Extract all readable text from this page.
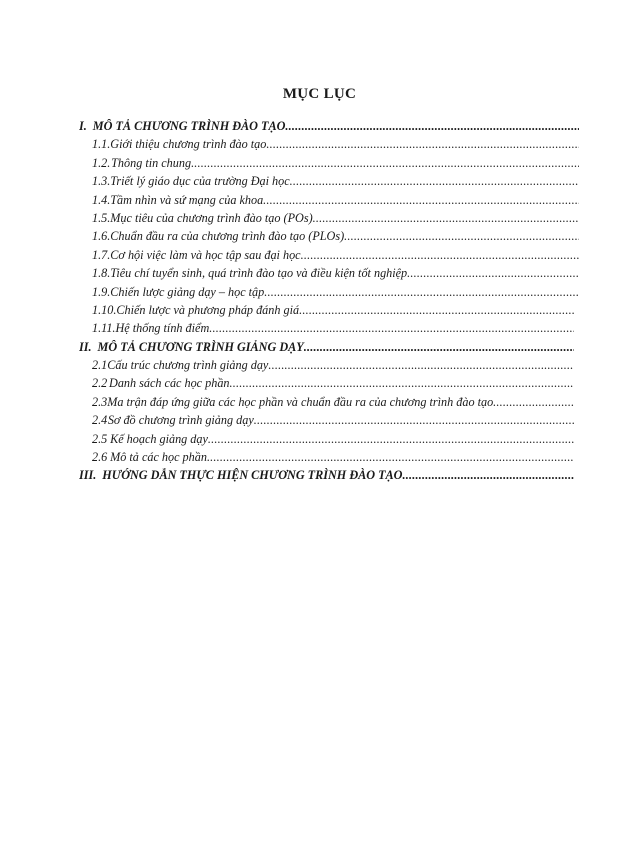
MỤC LỤC
I. MÔ TẢ CHƯƠNG TRÌNH ĐÀO TẠO
.....
1.1. Giới thiệu chương trình đào tạo
.....
1.2. Thông tin chung
.....
1.3. Triết lý giáo dục của trường Đại học
.....
1.4. Tầm nhìn và sứ mạng của khoa
.....
1.5. Mục tiêu của chương trình đào tạo (POs)
.....
1.6. Chuẩn đầu ra của chương trình đào tạo (PLOs)
.....
1.7. Cơ hội việc làm và học tập sau đại học
.....
1.8. Tiêu chí tuyển sinh, quá trình đào tạo và điều kiện tốt nghiệp
.....
1.9. Chiến lược giảng dạy – học tập
.....
1.10. Chiến lược và phương pháp đánh giá
.....
1.11. Hệ thống tính điểm
.....
II. MÔ TẢ CHƯƠNG TRÌNH GIẢNG DẠY
.....
2.1 Cấu trúc chương trình giảng dạy
.....
2.2 Danh sách các học phần
.....
2.3 Ma trận đáp ứng giữa các học phần và chuẩn đầu ra của chương trình đào tạo
.....
2.4 Sơ đồ chương trình giảng dạy
.....
2.5 Kế hoạch giảng dạy
.....
2.6 Mô tả các học phần
.....
III. HƯỚNG DẪN THỰC HIỆN CHƯƠNG TRÌNH ĐÀO TẠO
.....
